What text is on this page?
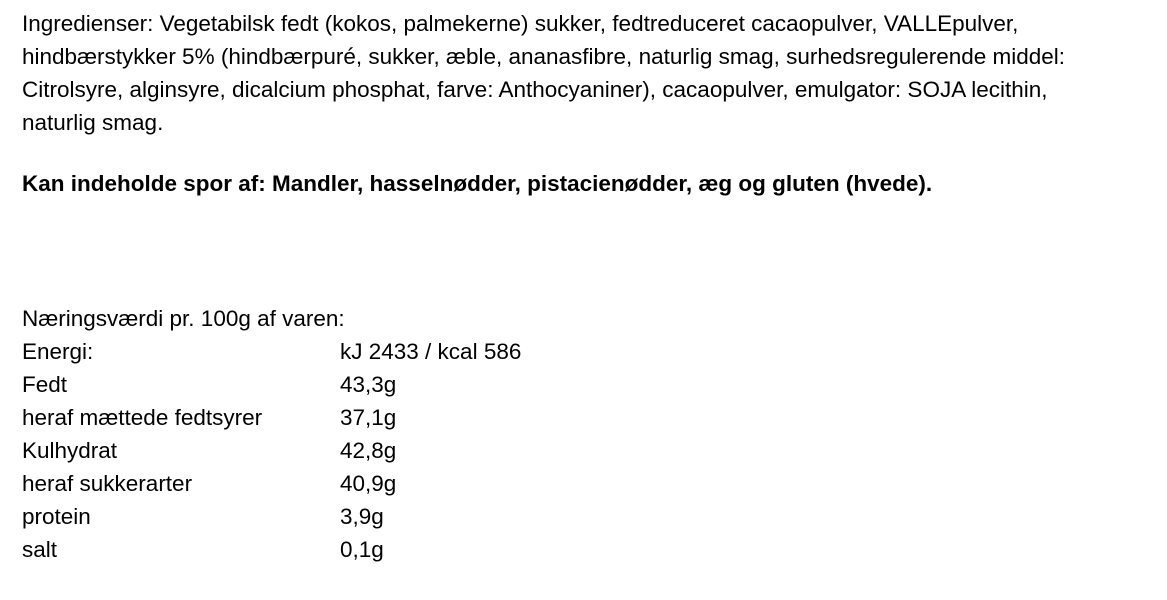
Ingredienser: Vegetabilsk fedt (kokos, palmekerne) sukker, fedtreduceret cacaopulver, VALLEpulver,
hindbærstykker 5% (hindbærpuré, sukker, æble, ananasfibre, naturlig smag, surhedsregulerende middel:
Citrolsyre, alginsyre, dicalcium phosphat, farve: Anthocyaniner), cacaopulver, emulgator: SOJA lecithin,
naturlig smag.

Kan indeholde spor af: Mandler, hasselnødder, pistacienødder, æg og gluten (hvede).

Næringsværdi pr. 100g af varen:

Energi:	kJ 2433 / kcal 586
Fedt	43,3g
heraf mættede fedtsyrer	37,1g
Kulhydrat	42,8g
heraf sukkerarter	40,9g
protein	3,9g
salt	0,1g
